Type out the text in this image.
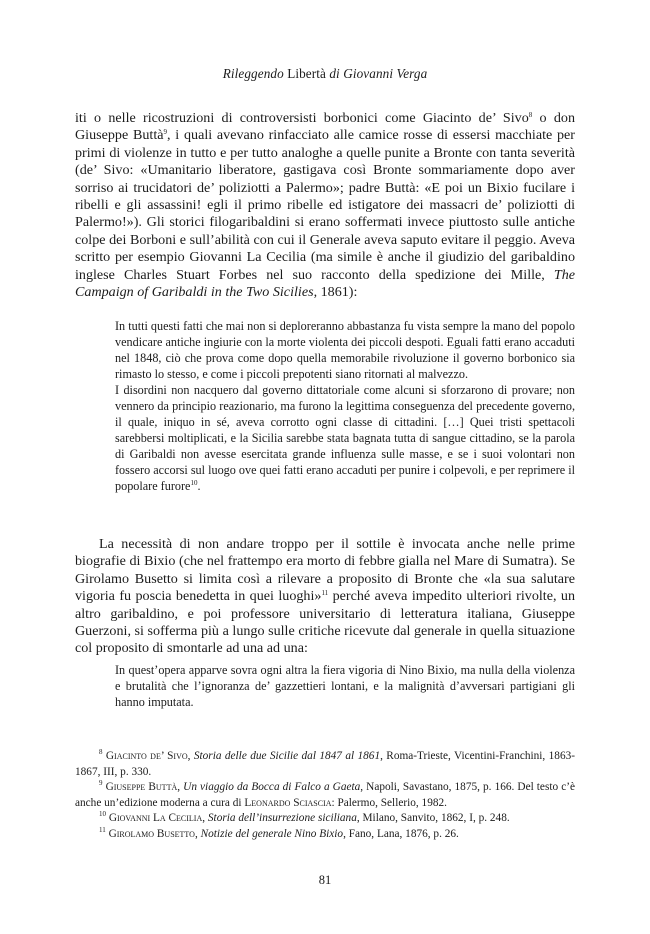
Rileggendo Libertà di Giovanni Verga

iti o nelle ricostruzioni di controversisti borbonici come Giacinto de’ Sivo$^8$ o don Giuseppe Buttà$^9$, i quali avevano rinfacciato alle camice rosse di essersi macchiate per primi di violenze in tutto e per tutto analoghe a quelle punite a Bronte con tanta severità (de’ Sivo: «Umanitario liberatore, gastigava così Bronte sommariamente dopo aver sorriso ai trucidatori de’ poliziotti a Palermo»; padre Buttà: «E poi un Bixio fucilare i ribelli e gli assassini! egli il primo ribelle ed istigatore dei massacri de’ poliziotti di Palermo!»). Gli storici filogaribaldini si erano soffermati invece piuttosto sulle antiche colpe dei Borboni e sull’abilità con cui il Generale aveva saputo evitare il peggio. Aveva scritto per esempio Giovanni La Cecilia (ma simile è anche il giudizio del garibaldino inglese Charles Stuart Forbes nel suo racconto della spedizione dei Mille, The Campaign of Garibaldi in the Two Sicilies, 1861):

In tutti questi fatti che mai non si deploreranno abbastanza fu vista sempre la mano del popolo vendicare antiche ingiurie con la morte violenta dei piccoli despoti. Eguali fatti erano accaduti nel 1848, ciò che prova come dopo quella memorabile rivoluzione il governo borbonico sia rimasto lo stesso, e come i piccoli prepotenti siano ritornati al malvezzo.

I disordini non nacquero dal governo dittatoriale come alcuni si sforzarono di provare; non vennero da principio reazionario, ma furono la legittima conseguenza del precedente governo, il quale, iniquo in sé, aveva corrotto ogni classe di cittadini. […] Quei tristi spettacoli sarebbersi moltiplicati, e la Sicilia sarebbe stata bagnata tutta di sangue cittadino, se la parola di Garibaldi non avesse esercitata grande influenza sulle masse, e se i suoi volontari non fossero accorsi sul luogo ove quei fatti erano accaduti per punire i colpevoli, e per reprimere il popolare furore$^{10}$.

La necessità di non andare troppo per il sottile è invocata anche nelle prime biografie di Bixio (che nel frattempo era morto di febbre gialla nel Mare di Sumatra). Se Girolamo Busetto si limita così a rilevare a proposito di Bronte che «la sua salutare vigoria fu poscia benedetta in quei luoghi»$^{11}$ perché aveva impedito ulteriori rivolte, un altro garibaldino, e poi professore universitario di letteratura italiana, Giuseppe Guerzoni, si sofferma più a lungo sulle critiche ricevute dal generale in quella situazione col proposito di smontarle ad una ad una:

In quest’opera apparve sovra ogni altra la fiera vigoria di Nino Bixio, ma nulla della violenza e brutalità che l’ignoranza de’ gazzettieri lontani, e la malignità d’avversari partigiani gli hanno imputata.

$^8$ Giacinto de’ Sivo, Storia delle due Sicilie dal 1847 al 1861, Roma-Trieste, Vicentini-Franchini, 1863-1867, III, p. 330.

$^9$ Giuseppe Buttà, Un viaggio da Bocca di Falco a Gaeta, Napoli, Savastano, 1875, p. 166. Del testo c’è anche un’edizione moderna a cura di Leonardo Sciascia: Palermo, Sellerio, 1982.

$^{10}$ Giovanni La Cecilia, Storia dell’insurrezione siciliana, Milano, Sanvito, 1862, I, p. 248.

$^{11}$ Girolamo Busetto, Notizie del generale Nino Bixio, Fano, Lana, 1876, p. 26.

81
